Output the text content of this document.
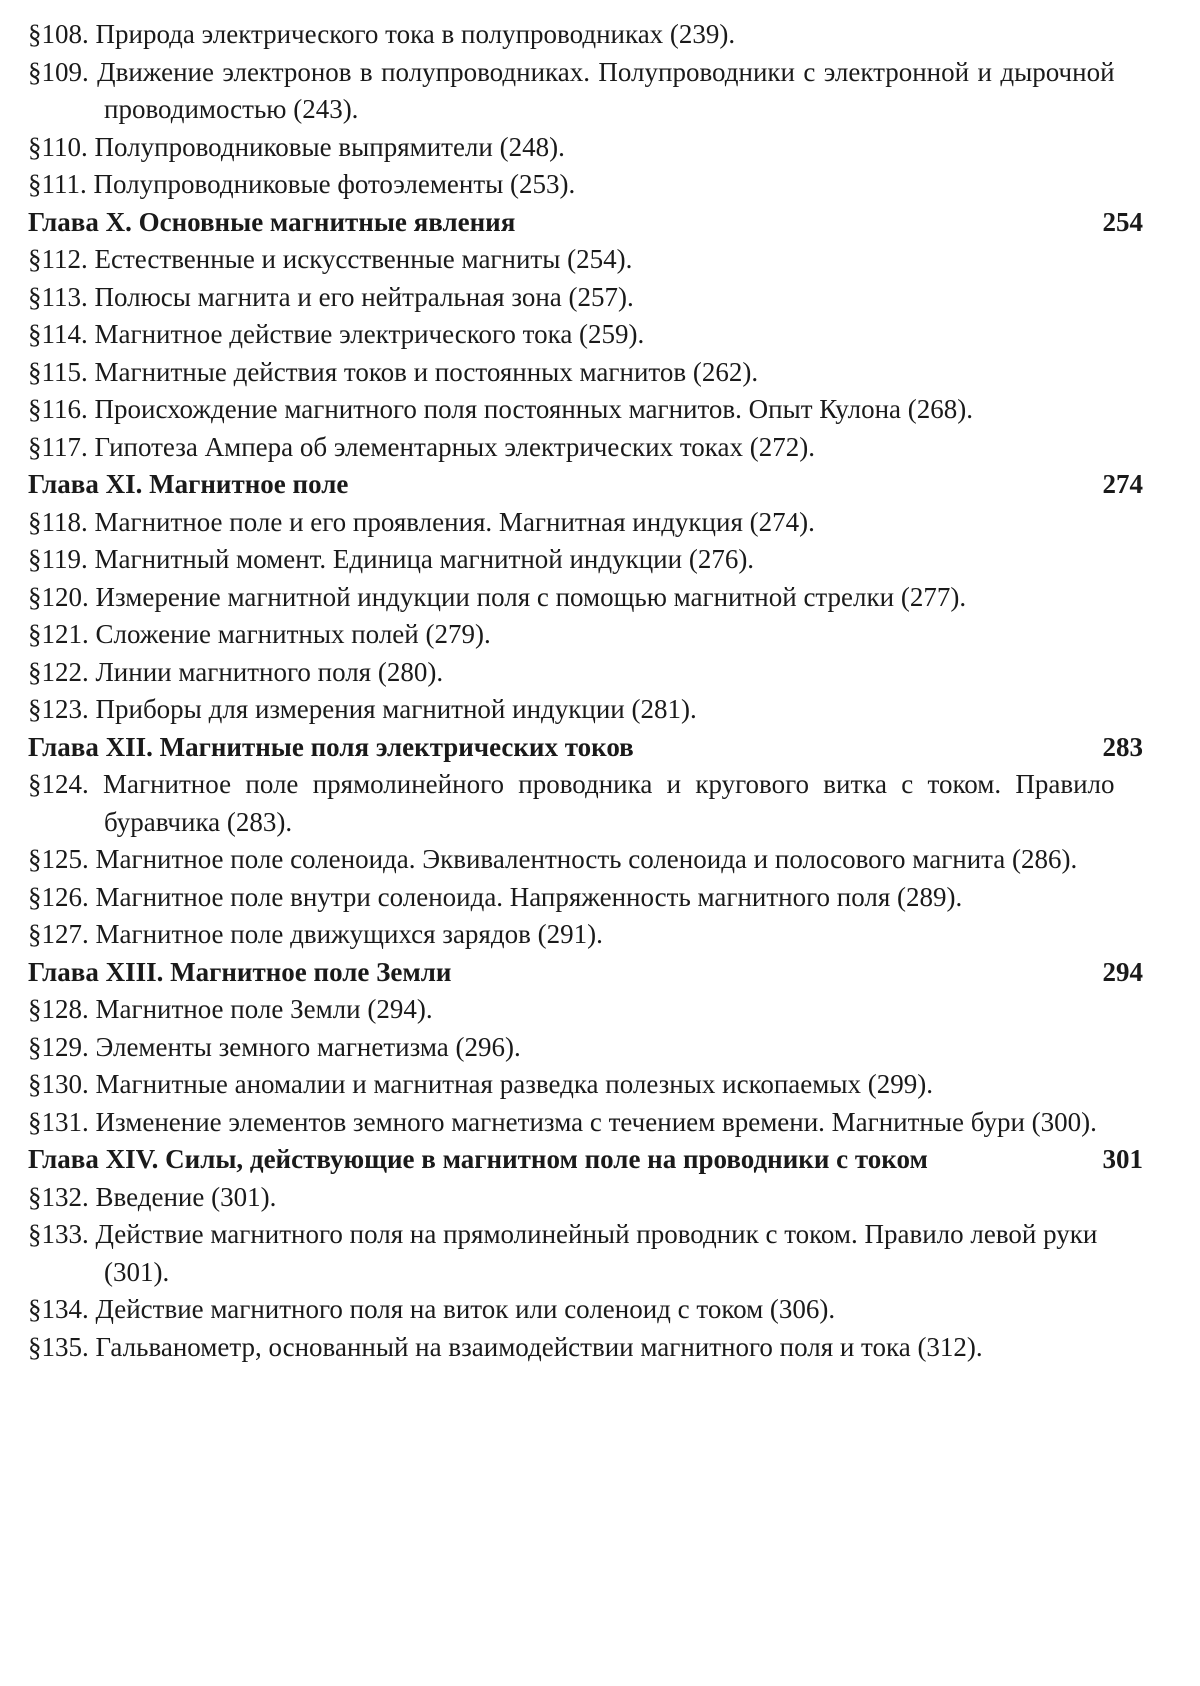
§108. Природа электрического тока в полупроводниках (239).
§109. Движение электронов в полупроводниках. Полупроводники с электронной и дырочной проводимостью (243).
§110. Полупроводниковые выпрямители (248).
§111. Полупроводниковые фотоэлементы (253).
Глава X. Основные магнитные явления	254
§112. Естественные и искусственные магниты (254).
§113. Полюсы магнита и его нейтральная зона (257).
§114. Магнитное действие электрического тока (259).
§115. Магнитные действия токов и постоянных магнитов (262).
§116. Происхождение магнитного поля постоянных магнитов. Опыт Кулона (268).
§117. Гипотеза Ампера об элементарных электрических токах (272).
Глава XI. Магнитное поле	274
§118. Магнитное поле и его проявления. Магнитная индукция (274).
§119. Магнитный момент. Единица магнитной индукции (276).
§120. Измерение магнитной индукции поля с помощью магнитной стрелки (277).
§121. Сложение магнитных полей (279).
§122. Линии магнитного поля (280).
§123. Приборы для измерения магнитной индукции (281).
Глава XII. Магнитные поля электрических токов	283
§124. Магнитное поле прямолинейного проводника и кругового витка с током. Правило буравчика (283).
§125. Магнитное поле соленоида. Эквивалентность соленоида и полосового магнита (286).
§126. Магнитное поле внутри соленоида. Напряженность магнитного поля (289).
§127. Магнитное поле движущихся зарядов (291).
Глава XIII. Магнитное поле Земли	294
§128. Магнитное поле Земли (294).
§129. Элементы земного магнетизма (296).
§130. Магнитные аномалии и магнитная разведка полезных ископаемых (299).
§131. Изменение элементов земного магнетизма с течением времени. Магнитные бури (300).
Глава XIV. Силы, действующие в магнитном поле на проводники с током	301
§132. Введение (301).
§133. Действие магнитного поля на прямолинейный проводник с током. Правило левой руки (301).
§134. Действие магнитного поля на виток или соленоид с током (306).
§135. Гальванометр, основанный на взаимодействии магнитного поля и тока (312).
